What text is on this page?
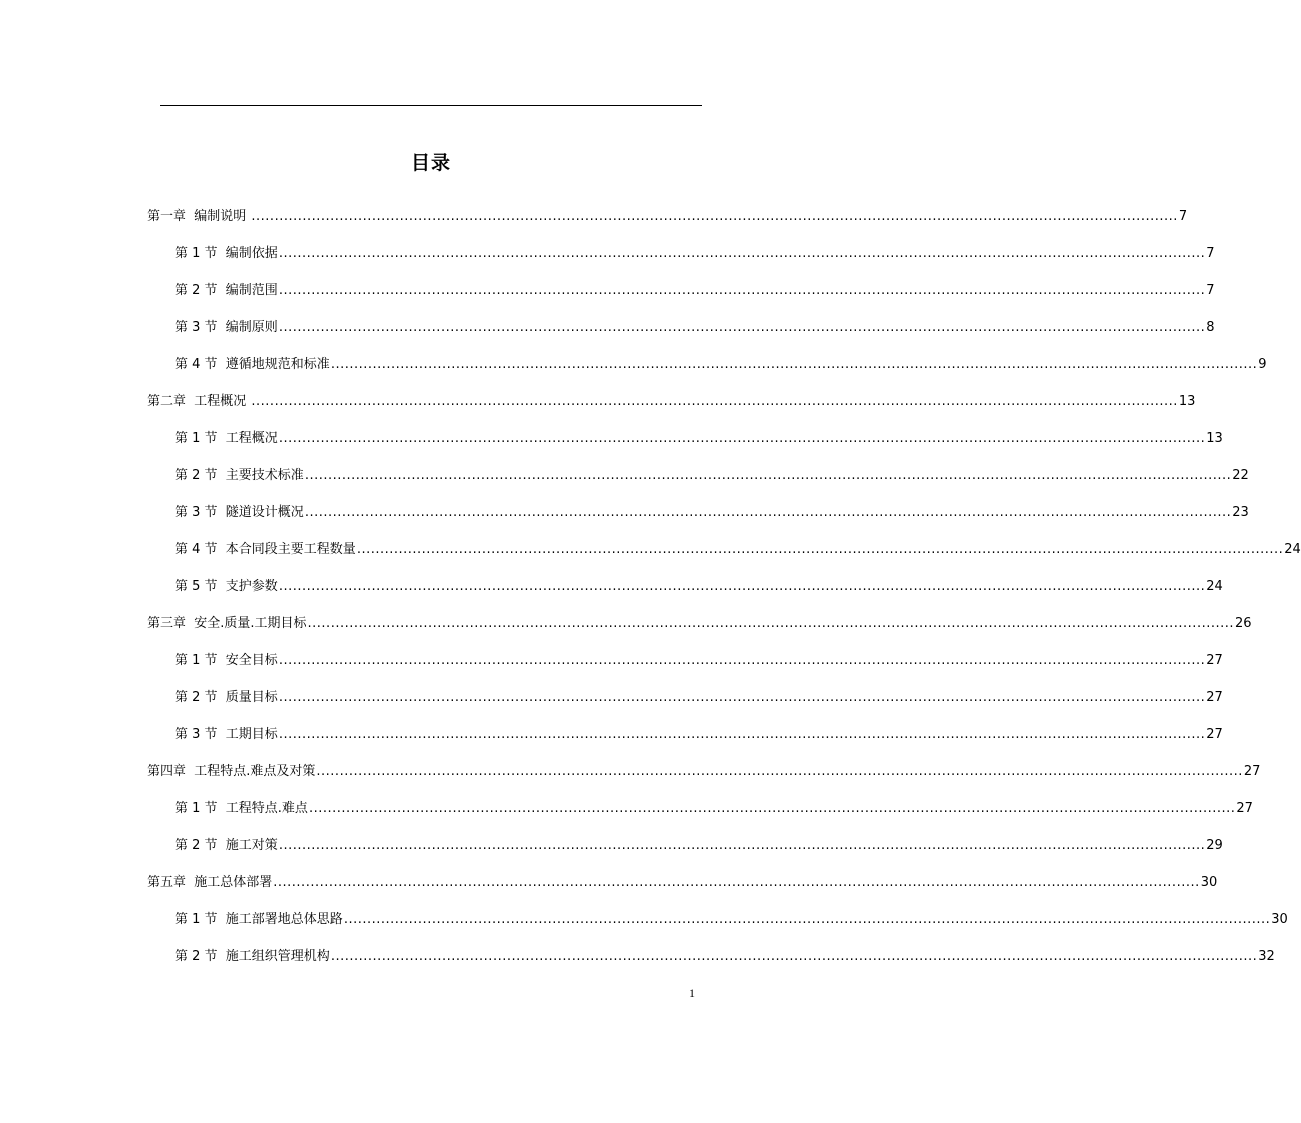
目录
第一章  编制说明 ........................................................................................................................................................................................................ 7
第 1 节  编制依据 ........................................................................................................................................................................................................ 7
第 2 节  编制范围 ........................................................................................................................................................................................................ 7
第 3 节  编制原则 ........................................................................................................................................................................................................ 8
第 4 节  遵循地规范和标准 ........................................................................................................................................................................................................ 9
第二章  工程概况 ........................................................................................................................................................................................................ 13
第 1 节  工程概况 ........................................................................................................................................................................................................ 13
第 2 节  主要技术标准 ........................................................................................................................................................................................................ 22
第 3 节  隧道设计概况 ........................................................................................................................................................................................................ 23
第 4 节  本合同段主要工程数量 ........................................................................................................................................................................................................ 24
第 5 节  支护参数 ........................................................................................................................................................................................................ 24
第三章  安全.质量.工期目标 ........................................................................................................................................................................................................ 26
第 1 节  安全目标 ........................................................................................................................................................................................................ 27
第 2 节  质量目标 ........................................................................................................................................................................................................ 27
第 3 节  工期目标 ........................................................................................................................................................................................................ 27
第四章  工程特点.难点及对策 ........................................................................................................................................................................................................ 27
第 1 节  工程特点.难点 ........................................................................................................................................................................................................ 27
第 2 节  施工对策 ........................................................................................................................................................................................................ 29
第五章  施工总体部署 ........................................................................................................................................................................................................ 30
第 1 节  施工部署地总体思路 ........................................................................................................................................................................................................ 30
第 2 节  施工组织管理机构 ........................................................................................................................................................................................................ 32
1
